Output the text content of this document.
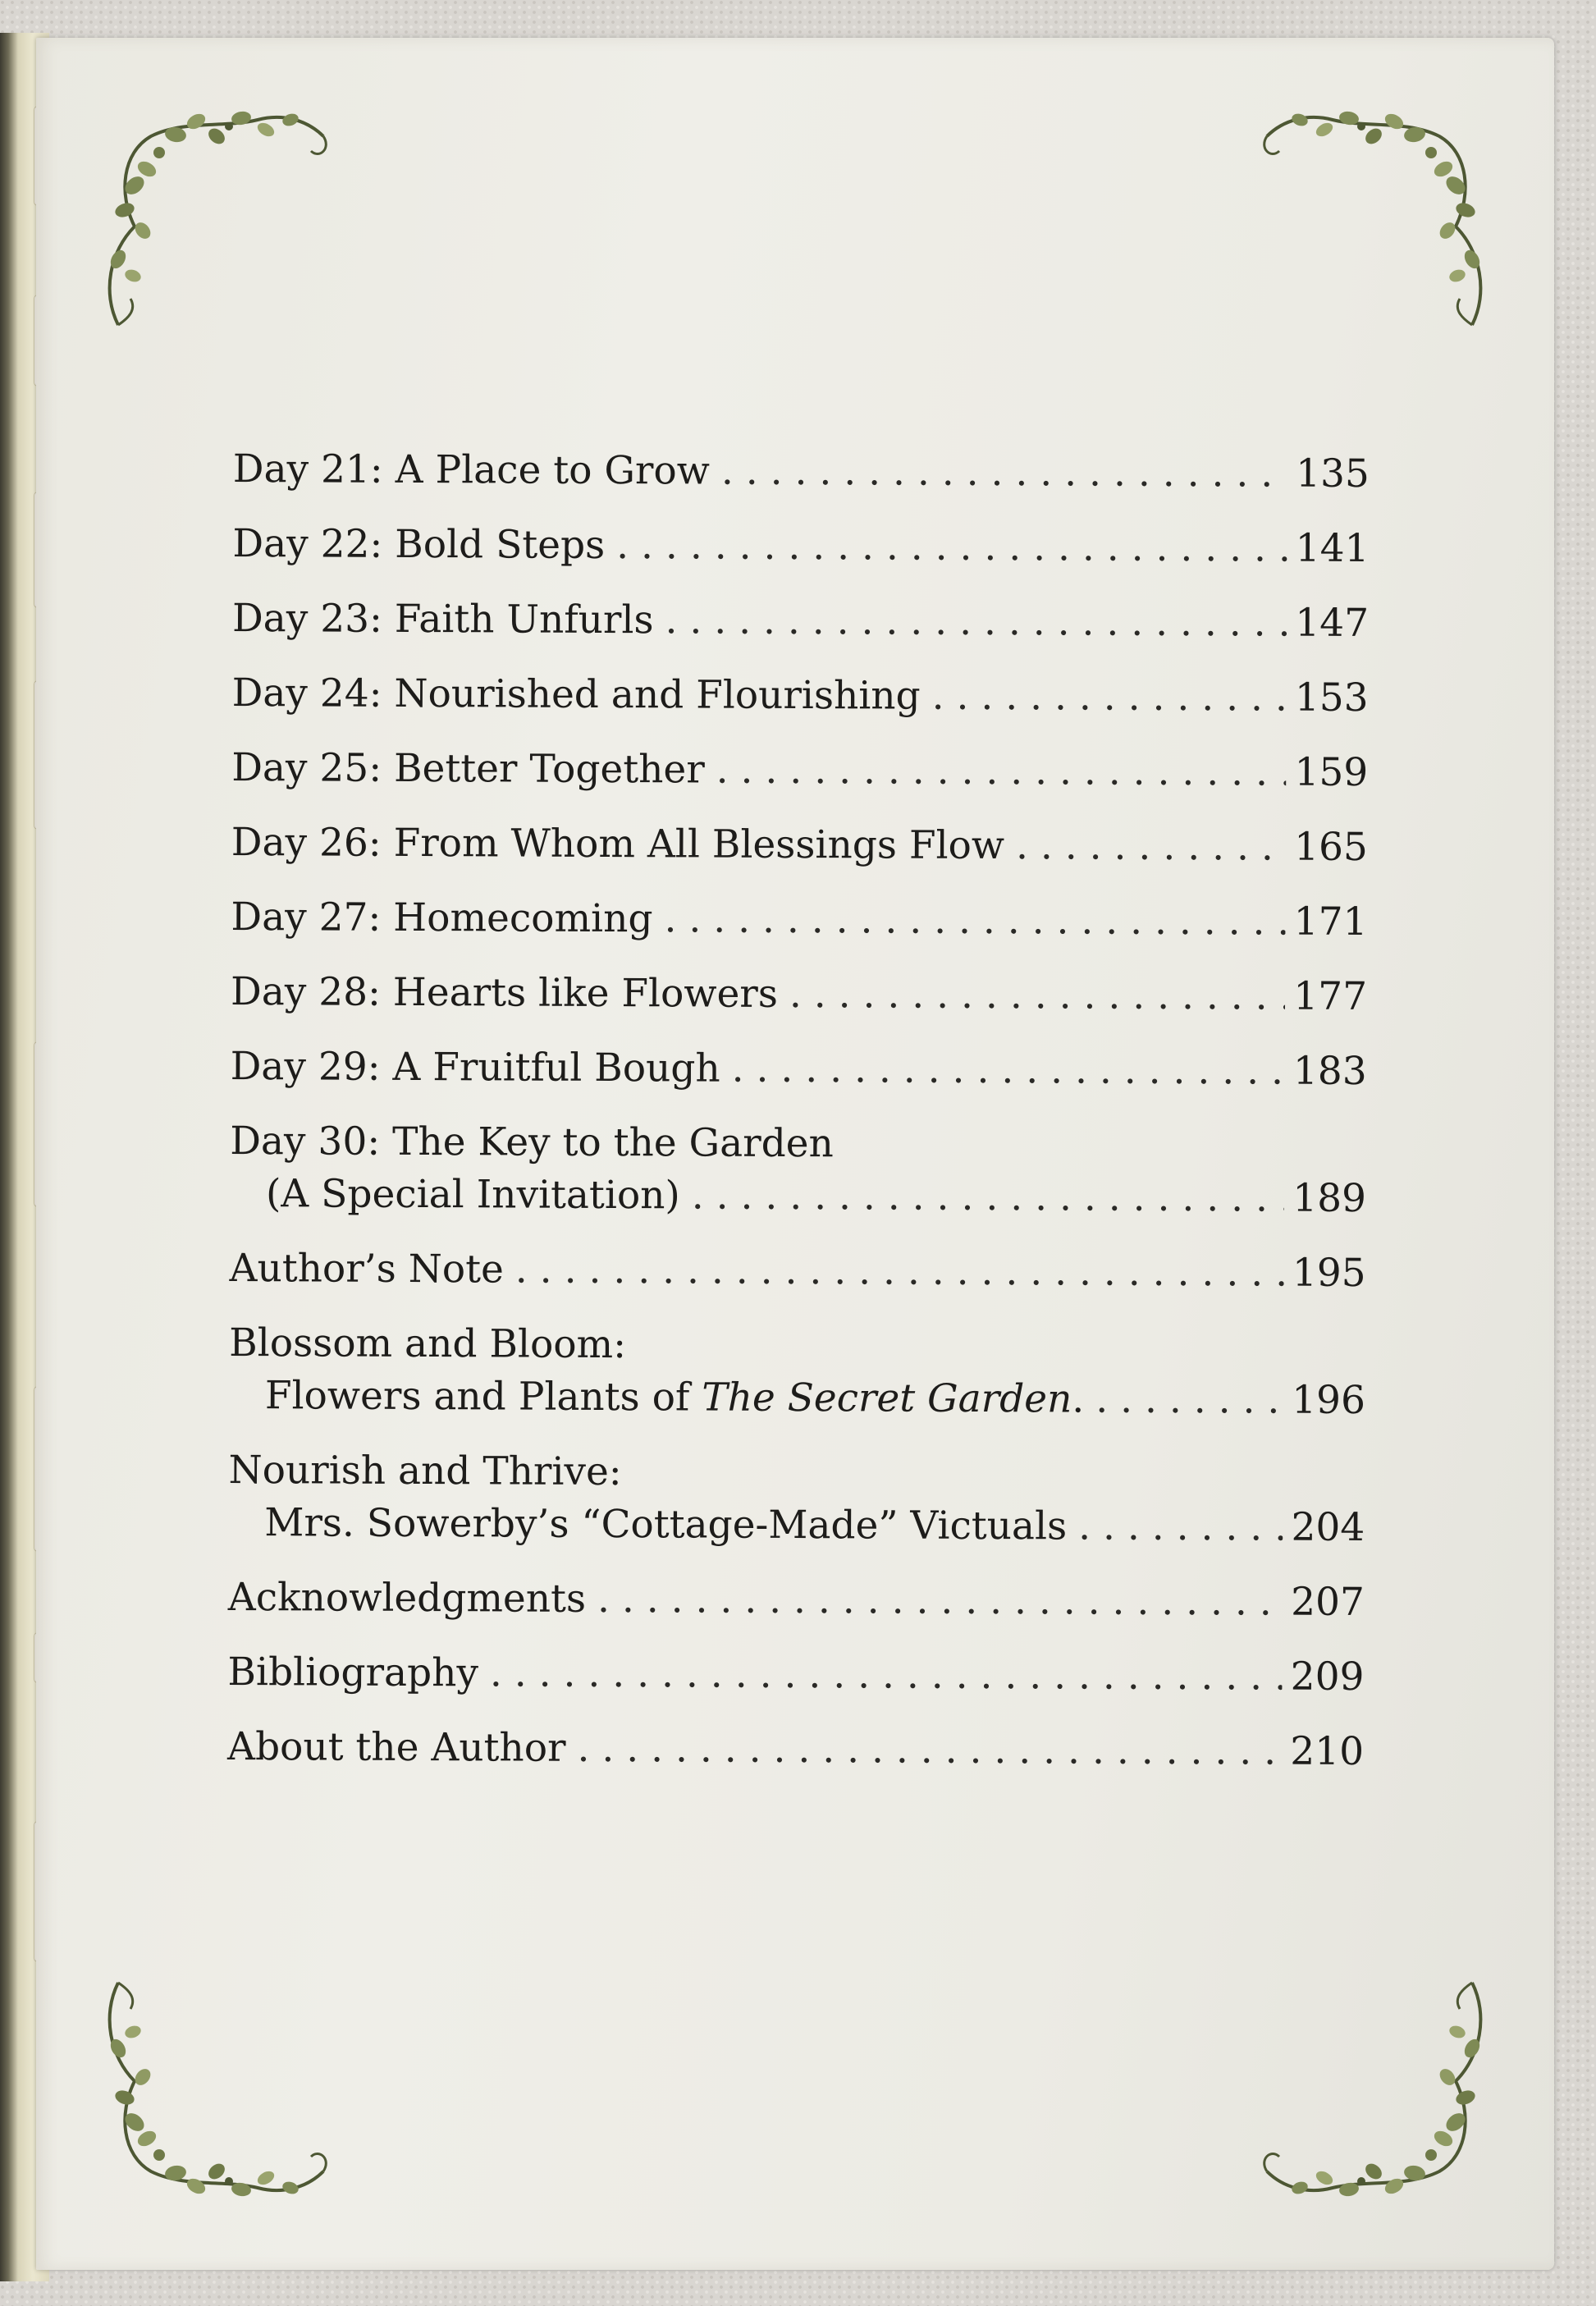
Day 21: A Place to Grow . . .	135
Day 22: Bold Steps . . .	141
Day 23: Faith Unfurls . . .	147
Day 24: Nourished and Flourishing . . .	153
Day 25: Better Together . . .	159
Day 26: From Whom All Blessings Flow . . .	165
Day 27: Homecoming . . .	171
Day 28: Hearts like Flowers . . .	177
Day 29: A Fruitful Bough . . .	183
Day 30: The Key to the Garden
(A Special Invitation) . . .	189
Author’s Note . . .	195
Blossom and Bloom:
Flowers and Plants of The Secret Garden. . . .	196
Nourish and Thrive:
Mrs. Sowerby’s “Cottage-Made” Victuals . . .	204
Acknowledgments . . .	207
Bibliography . . .	209
About the Author . . .	210
